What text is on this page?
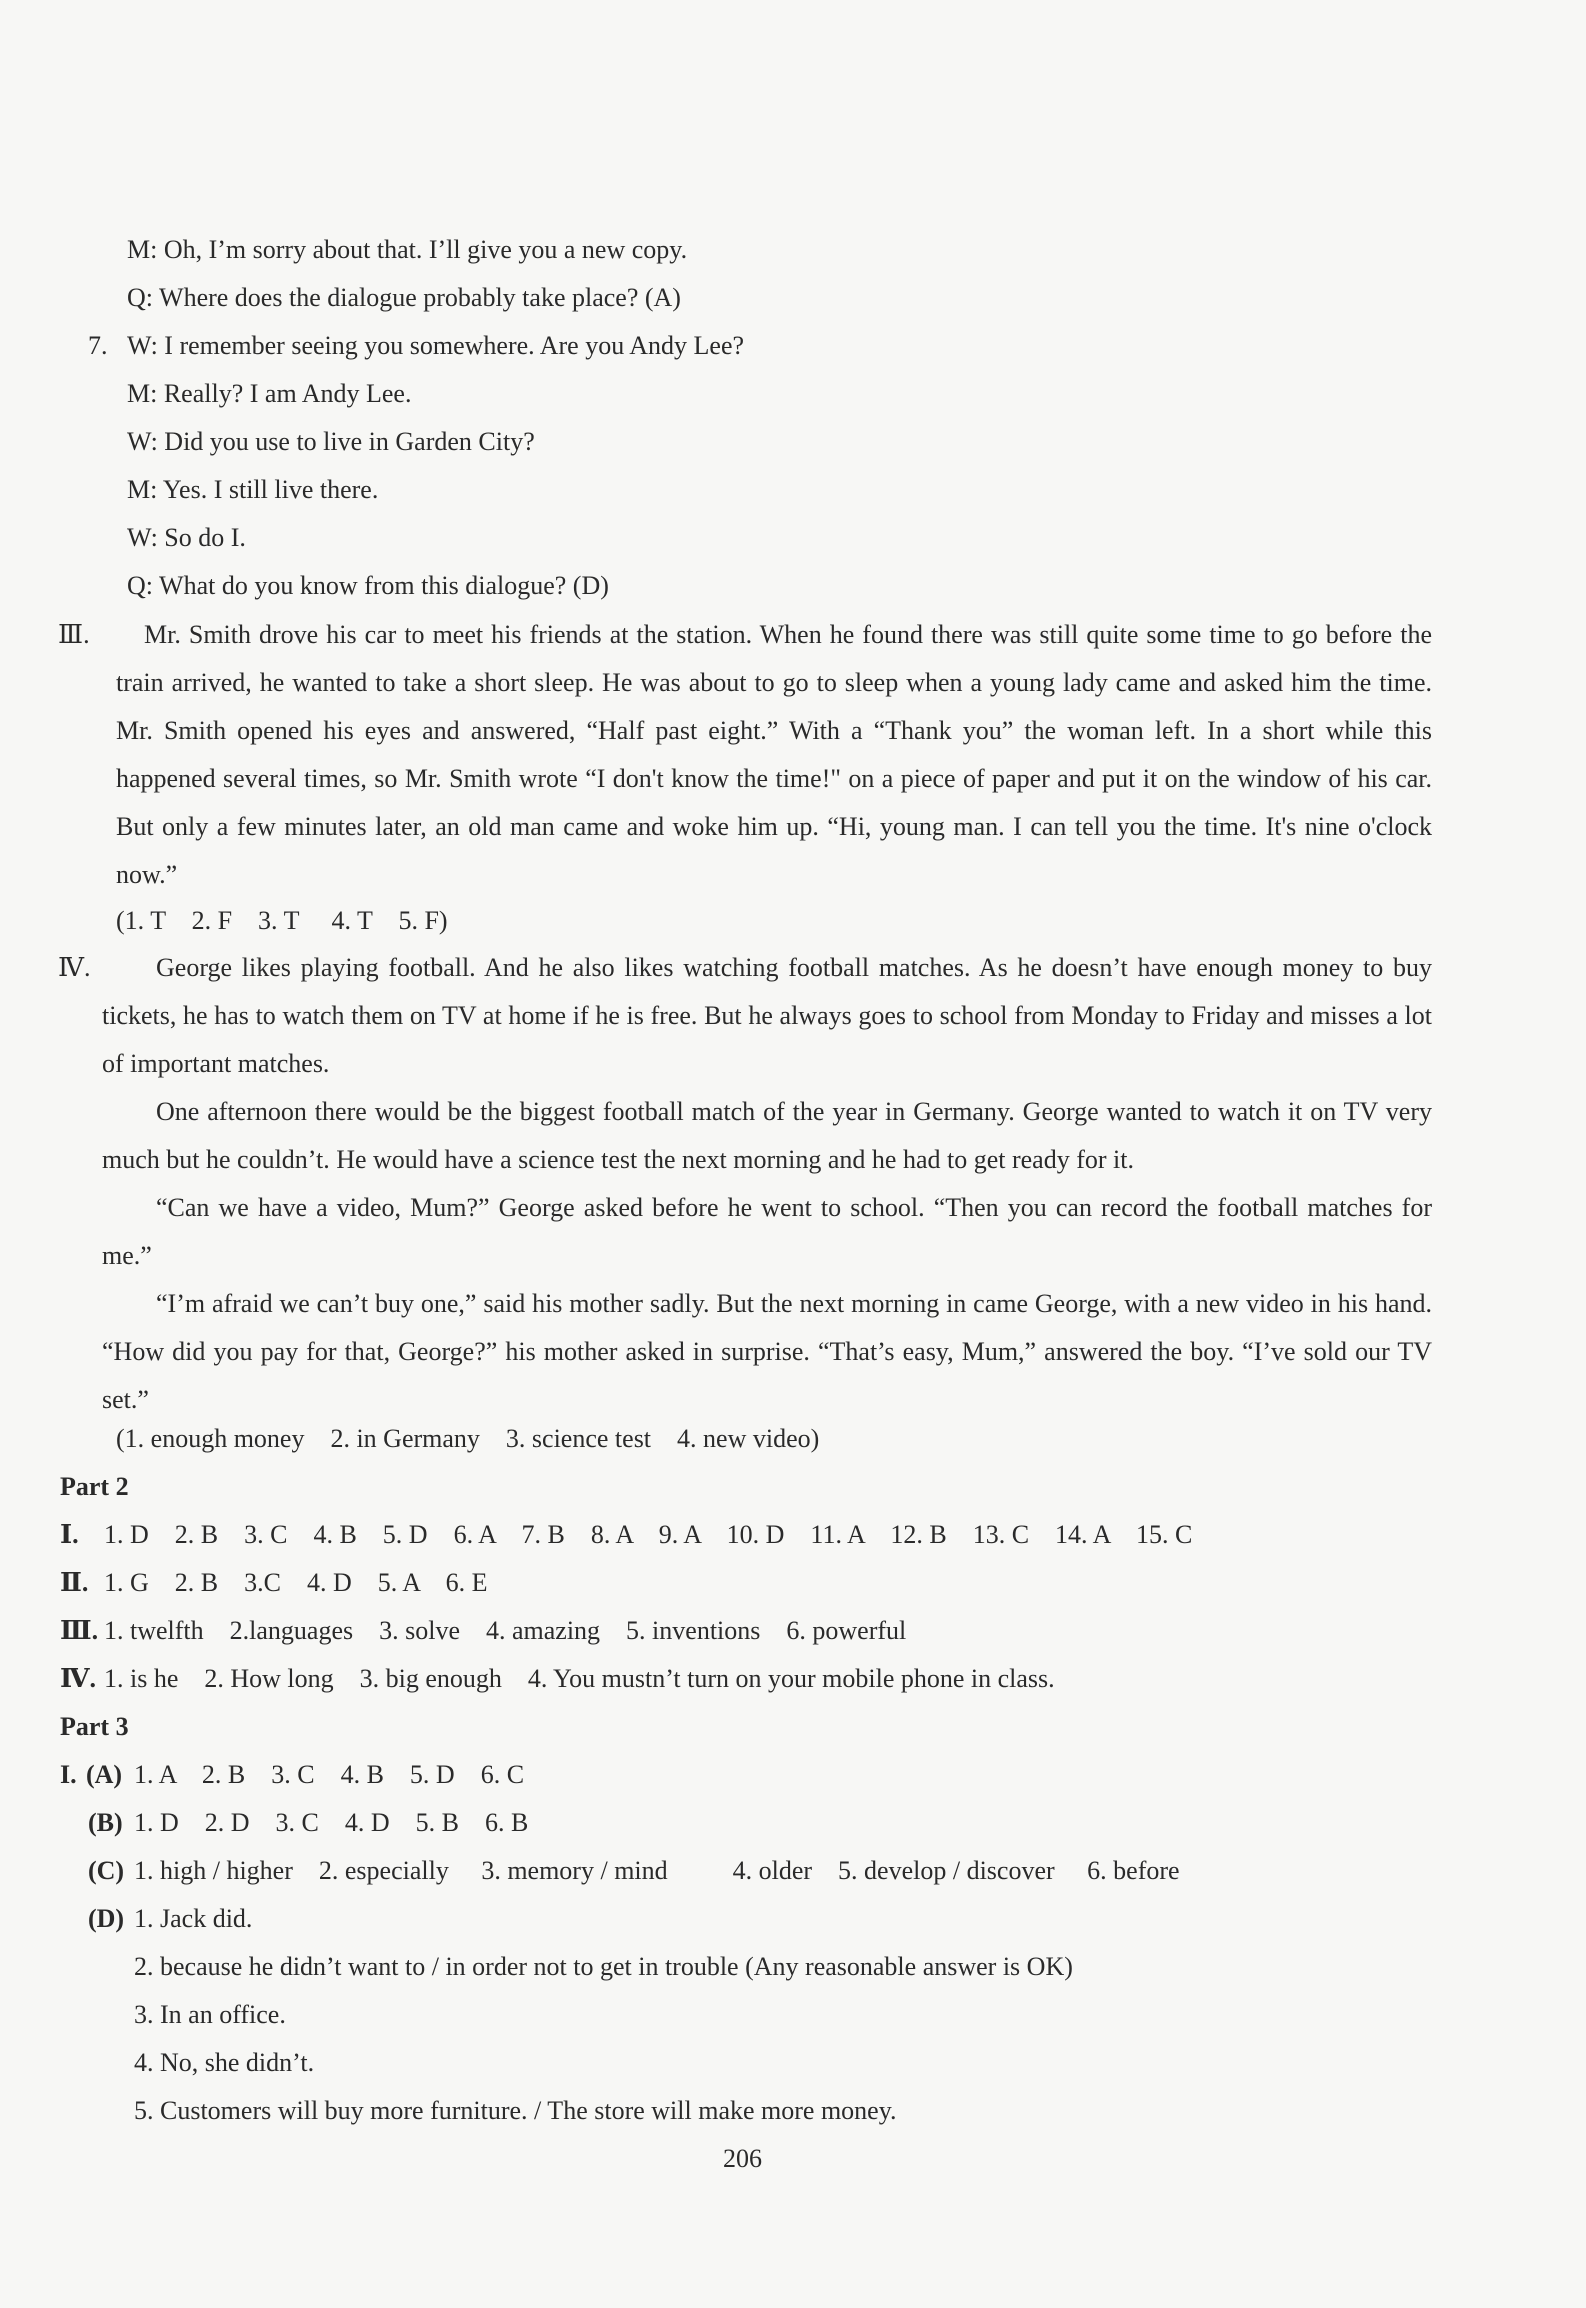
M: Oh, I’m sorry about that. I’ll give you a new copy.
Q: Where does the dialogue probably take place? (A)
7. W: I remember seeing you somewhere. Are you Andy Lee?
M: Really? I am Andy Lee.
W: Did you use to live in Garden City?
M: Yes. I still live there.
W: So do I.
Q: What do you know from this dialogue? (D)
Ⅲ.	Mr. Smith drove his car to meet his friends at the station. When he found there was still quite some time to go before the train arrived, he wanted to take a short sleep. He was about to go to sleep when a young lady came and asked him the time. Mr. Smith opened his eyes and answered, “Half past eight.” With a “Thank you” the woman left. In a short while this happened several times, so Mr. Smith wrote “I don't know the time!" on a piece of paper and put it on the window of his car. But only a few minutes later, an old man came and woke him up. “Hi, young man. I can tell you the time. It's nine o'clock now.”
(1. T    2. F    3. T     4. T    5. F)
Ⅳ.	George likes playing football. And he also likes watching football matches. As he doesn’t have enough money to buy tickets, he has to watch them on TV at home if he is free. But he always goes to school from Monday to Friday and misses a lot of important matches.
One afternoon there would be the biggest football match of the year in Germany. George wanted to watch it on TV very much but he couldn’t. He would have a science test the next morning and he had to get ready for it.
“Can we have a video, Mum?” George asked before he went to school. “Then you can record the football matches for me.”
“I’m afraid we can’t buy one,” said his mother sadly. But the next morning in came George, with a new video in his hand. “How did you pay for that, George?” his mother asked in surprise. “That’s easy, Mum,” answered the boy. “I’ve sold our TV set.”
(1. enough money    2. in Germany    3. science test    4. new video)
Part 2
Ⅰ. 1. D    2. B    3. C    4. B    5. D    6. A    7. B    8. A    9. A    10. D    11. A    12. B    13. C    14. A    15. C
Ⅱ. 1. G    2. B    3.C    4. D    5. A    6. E
Ⅲ. 1. twelfth    2.languages    3. solve    4. amazing    5. inventions    6. powerful
Ⅳ. 1. is he    2. How long    3. big enough    4. You mustn’t turn on your mobile phone in class.
Part 3
I. (A) 1. A    2. B    3. C    4. B    5. D    6. C
(B) 1. D    2. D    3. C    4. D    5. B    6. B
(C) 1. high / higher    2. especially     3. memory / mind          4. older    5. develop / discover     6. before
(D) 1. Jack did.
2. because he didn’t want to / in order not to get in trouble (Any reasonable answer is OK)
3. In an office.
4. No, she didn’t.
5. Customers will buy more furniture. / The store will make more money.
206
